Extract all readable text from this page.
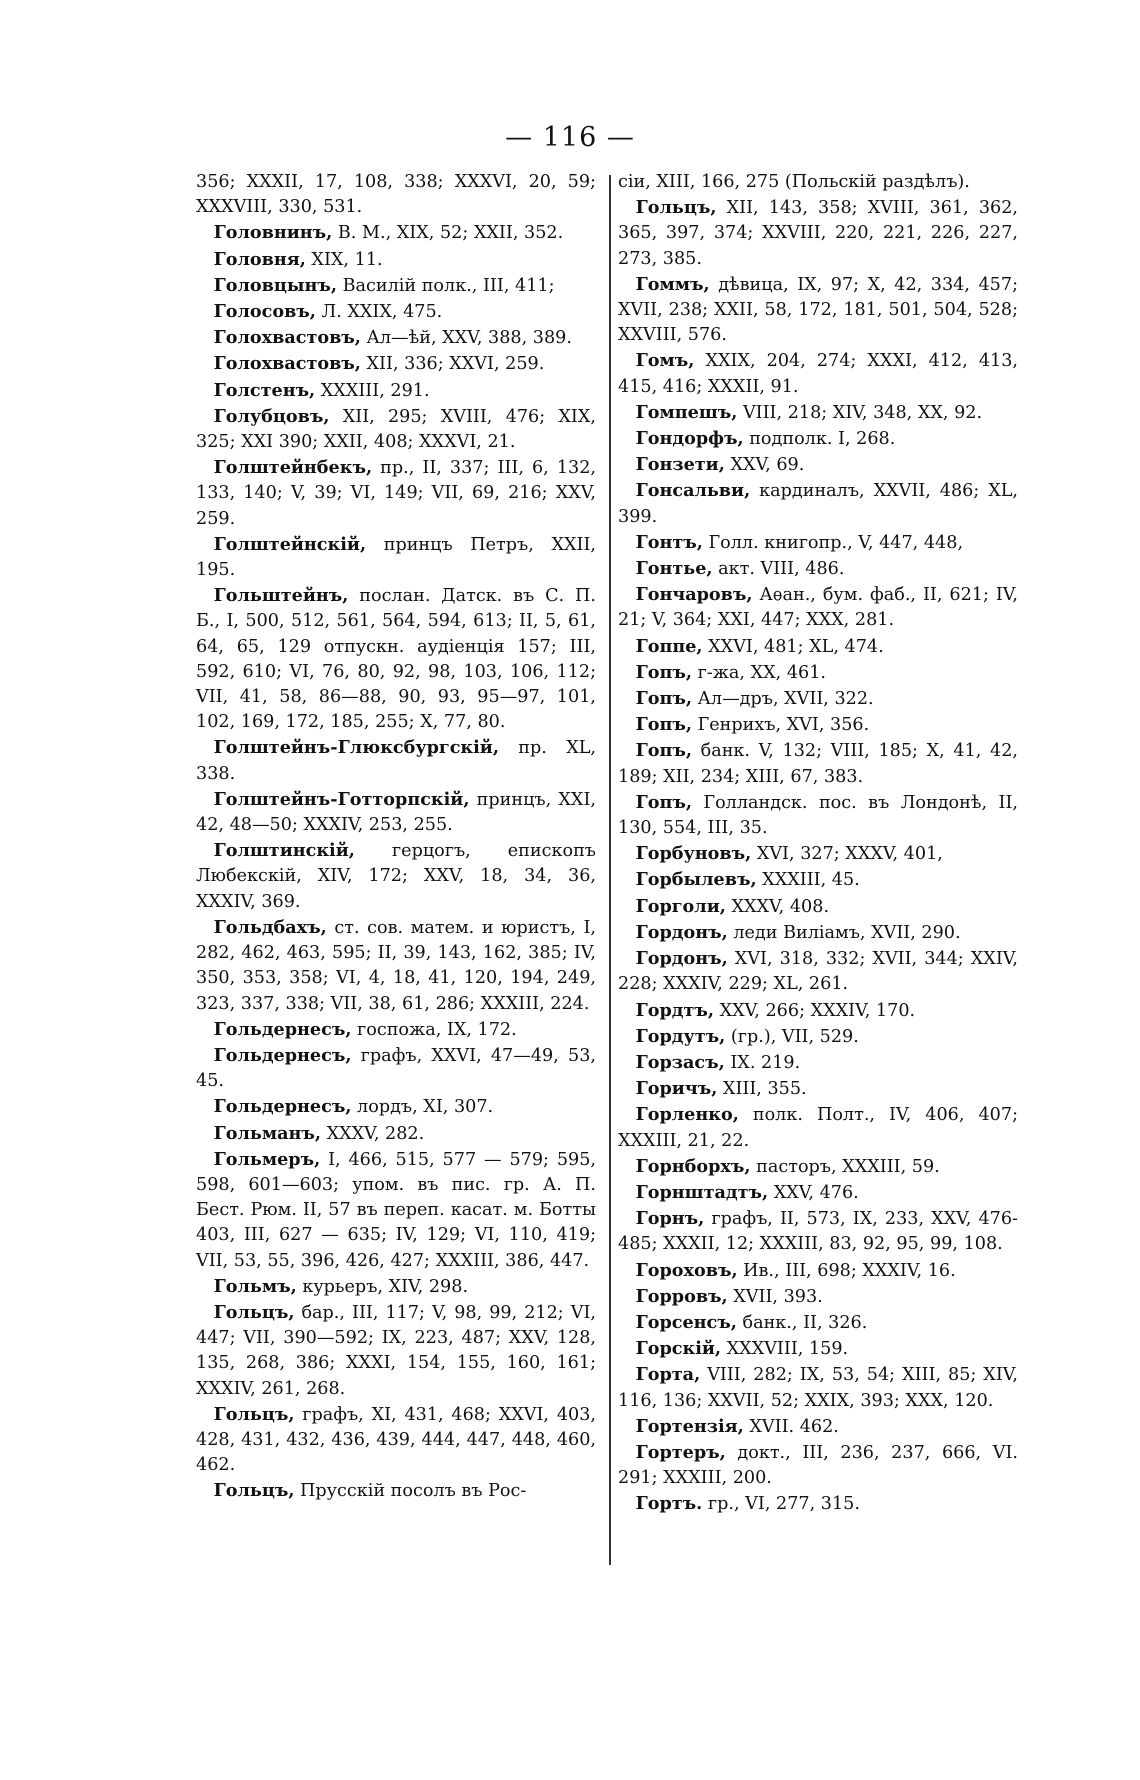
— 116 —

356; XXXII, 17, 108, 338; XXXVI, 20, 59; XXXVIII, 330, 531.

 Головнинъ, В. М., XIX, 52; XXII, 352.

 Головня, XIX, 11.

 Головцынъ, Василій полк., III, 411;

 Голосовъ, Л. XXIX, 475.

 Голохвастовъ, Ал—ѣй, XXV, 388, 389.

 Голохвастовъ, XII, 336; XXVI, 259.

 Голстенъ, XXXIII, 291.

 Голубцовъ, XII, 295; XVIII, 476; XIX, 325; XXI 390; XXII, 408; XXXVI, 21.

 Голштейнбекъ, пр., II, 337; III, 6, 132, 133, 140; V, 39; VI, 149; VII, 69, 216; XXV, 259.

 Голштейнскій, принцъ Петръ, XXII, 195.

 Гольштейнъ, послан. Датск. въ С. П. Б., I, 500, 512, 561, 564, 594, 613; II, 5, 61, 64, 65, 129 отпускн. аудіенція 157; III, 592, 610; VI, 76, 80, 92, 98, 103, 106, 112; VII, 41, 58, 86—88, 90, 93, 95—97, 101, 102, 169, 172, 185, 255; X, 77, 80.

 Голштейнъ-Глюксбургскій, пр. XL, 338.

 Голштейнъ-Готторпскій, принцъ, XXI, 42, 48—50; XXXIV, 253, 255.

 Голштинскій, герцогъ, епископъ Любекскій, XIV, 172; XXV, 18, 34, 36, XXXIV, 369.

 Гольдбахъ, ст. сов. матем. и юристъ, I, 282, 462, 463, 595; II, 39, 143, 162, 385; IV, 350, 353, 358; VI, 4, 18, 41, 120, 194, 249, 323, 337, 338; VII, 38, 61, 286; XXXIII, 224.

 Гольдернесъ, госпожа, IX, 172.

 Гольдернесъ, графъ, XXVI, 47—49, 53, 45.

 Гольдернесъ, лордъ, XI, 307.

 Гольманъ, XXXV, 282.

 Гольмеръ, I, 466, 515, 577 — 579; 595, 598, 601—603; упом. въ пис. гр. А. П. Бест. Рюм. II, 57 въ переп. касат. м. Ботты 403, III, 627 — 635; IV, 129; VI, 110, 419; VII, 53, 55, 396, 426, 427; XXXIII, 386, 447.

 Гольмъ, курьеръ, XIV, 298.

 Гольцъ, бар., III, 117; V, 98, 99, 212; VI, 447; VII, 390—592; IX, 223, 487; XXV, 128, 135, 268, 386; XXXI, 154, 155, 160, 161; XXXIV, 261, 268.

 Гольцъ, графъ, XI, 431, 468; XXVI, 403, 428, 431, 432, 436, 439, 444, 447, 448, 460, 462.

 Гольцъ, Прусскій посолъ въ Рос-

сіи, XIII, 166, 275 (Польскій раздѣлъ).

 Гольцъ, XII, 143, 358; XVIII, 361, 362, 365, 397, 374; XXVIII, 220, 221, 226, 227, 273, 385.

 Гоммъ, дѣвица, IX, 97; X, 42, 334, 457; XVII, 238; XXII, 58, 172, 181, 501, 504, 528; XXVIII, 576.

 Гомъ, XXIX, 204, 274; XXXI, 412, 413, 415, 416; XXXII, 91.

 Гомпешъ, VIII, 218; XIV, 348, XX, 92.

 Гондорфъ, подполк. I, 268.

 Гонзети, XXV, 69.

 Гонсальви, кардиналъ, XXVII, 486; XL, 399.

 Гонтъ, Голл. книгопр., V, 447, 448,

 Гонтье, акт. VIII, 486.

 Гончаровъ, Аѳан., бум. фаб., II, 621; IV, 21; V, 364; XXI, 447; XXX, 281.

 Гоппе, XXVI, 481; XL, 474.

 Гопъ, г-жа, XX, 461.

 Гопъ, Ал—дръ, XVII, 322.

 Гопъ, Генрихъ, XVI, 356.

 Гопъ, банк. V, 132; VIII, 185; X, 41, 42, 189; XII, 234; XIII, 67, 383.

 Гопъ, Голландск. пос. въ Лондонѣ, II, 130, 554, III, 35.

 Горбуновъ, XVI, 327; XXXV, 401,

 Горбылевъ, XXXIII, 45.

 Горголи, XXXV, 408.

 Гордонъ, леди Виліамъ, XVII, 290.

 Гордонъ, XVI, 318, 332; XVII, 344; XXIV, 228; XXXIV, 229; XL, 261.

 Гордтъ, XXV, 266; XXXIV, 170.

 Гордутъ, (гр.), VII, 529.

 Горзасъ, IX. 219.

 Горичъ, XIII, 355.

 Горленко, полк. Полт., IV, 406, 407; XXXIII, 21, 22.

 Горнборхъ, пасторъ, XXXIII, 59.

 Горнштадтъ, XXV, 476.

 Горнъ, графъ, II, 573, IX, 233, XXV, 476-485; XXXII, 12; XXXIII, 83, 92, 95, 99, 108.

 Гороховъ, Ив., III, 698; XXXIV, 16.

 Горровъ, XVII, 393.

 Горсенсъ, банк., II, 326.

 Горскій, XXXVIII, 159.

 Горта, VIII, 282; IX, 53, 54; XIII, 85; XIV, 116, 136; XXVII, 52; XXIX, 393; XXX, 120.

 Гортензія, XVII. 462.

 Гортеръ, докт., III, 236, 237, 666, VI. 291; XXXIII, 200.

 Гортъ. гр., VI, 277, 315.
